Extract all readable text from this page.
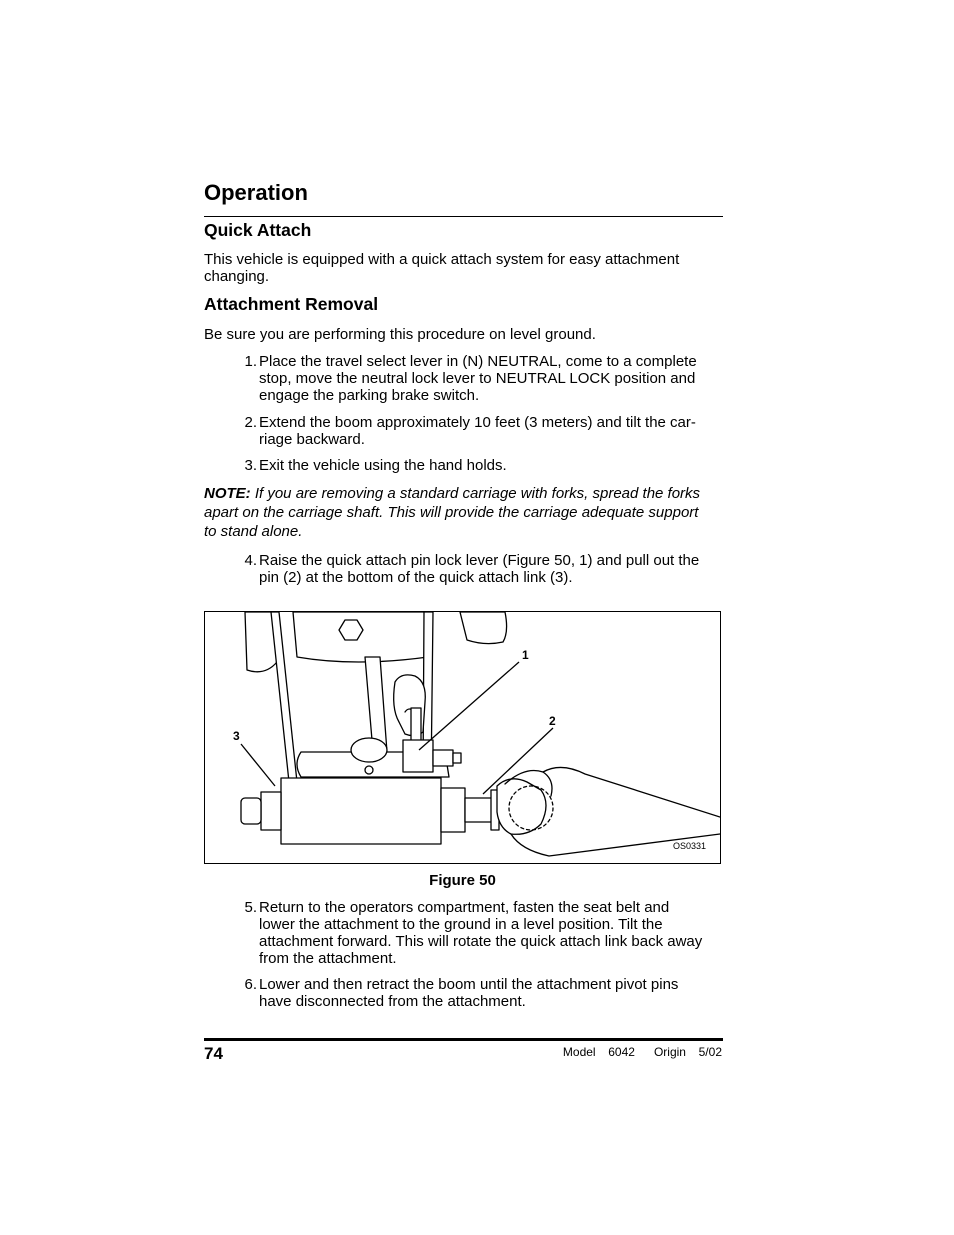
Operation
Quick Attach
This vehicle is equipped with a quick attach system for easy attachment
changing.
Attachment Removal
Be sure you are performing this procedure on level ground.
1. Place the travel select lever in (N) NEUTRAL, come to a complete
stop, move the neutral lock lever to NEUTRAL LOCK position and
engage the parking brake switch.
2. Extend the boom approximately 10 feet (3 meters) and tilt the car-
riage backward.
3. Exit the vehicle using the hand holds.
NOTE: If you are removing a standard carriage with forks, spread the forks
apart on the carriage shaft. This will provide the carriage adequate support
to stand alone.
4. Raise the quick attach pin lock lever (Figure 50, 1) and pull out the
pin (2) at the bottom of the quick attach link (3).
1
2
3
OS0331
Figure 50
5. Return to the operators compartment, fasten the seat belt and
lower the attachment to the ground in a level position. Tilt the
attachment forward. This will rotate the quick attach link back away
from the attachment.
6. Lower and then retract the boom until the attachment pivot pins
have disconnected from the attachment.
74	Model  6042   Origin  5/02
